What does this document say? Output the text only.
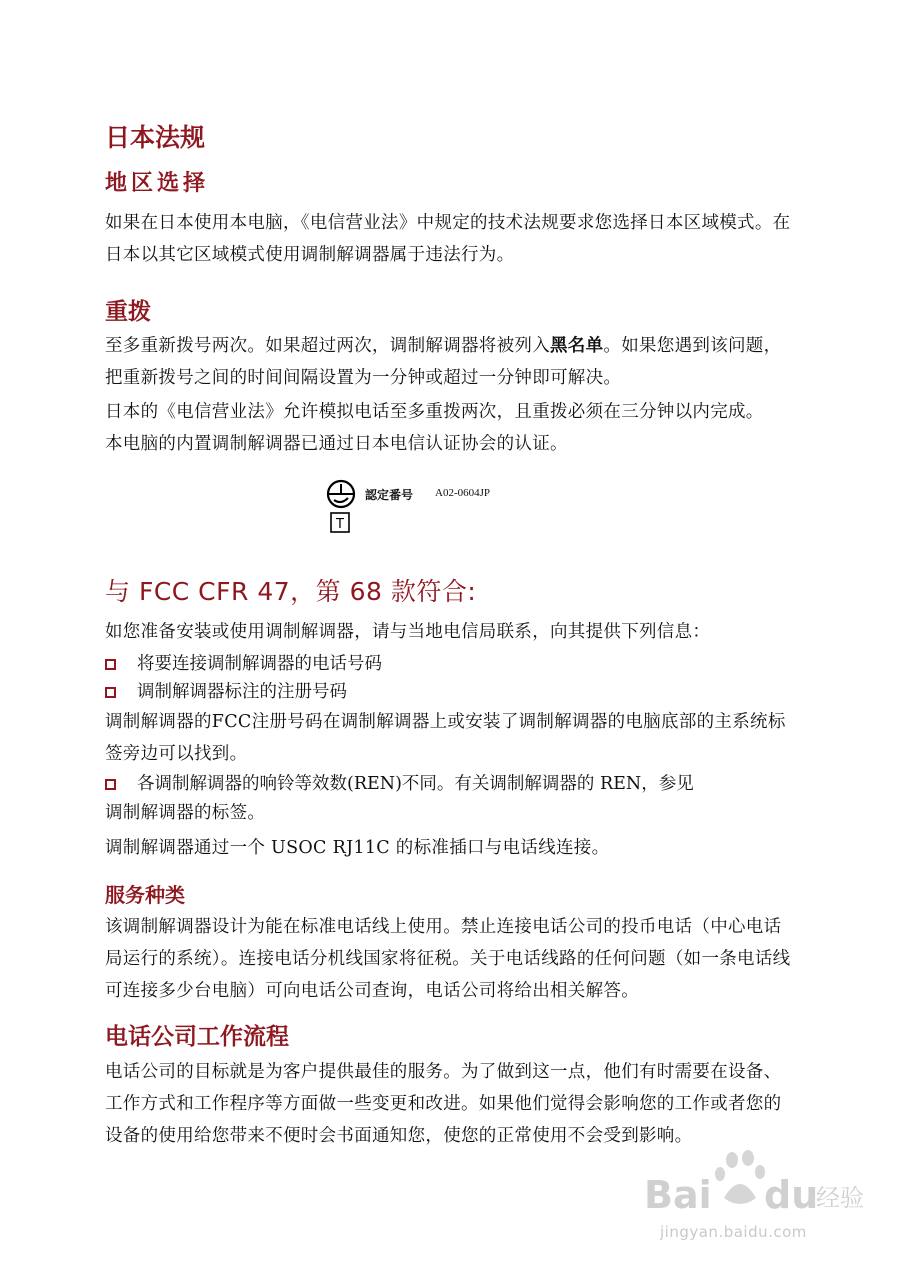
日本法规
地区选择

如果在日本使用本电脑，《电信营业法》中规定的技术法规要求您选择日本区域模式。在日本以其它区域模式使用调制解调器属于违法行为。

重拨

至多重新拨号两次。如果超过两次，调制解调器将被列入黑名单。如果您遇到该问题，把重新拨号之间的时间间隔设置为一分钟或超过一分钟即可解决。

日本的《电信营业法》允许模拟电话至多重拨两次，且重拨必须在三分钟以内完成。

本电脑的内置调制解调器已通过日本电信认证协会的认证。

T
認定番号 A02-0604JP
与 FCC CFR 47，第 68 款符合:

如您准备安装或使用调制解调器，请与当地电信局联系，向其提供下列信息：

将要连接调制解调器的电话号码
调制解调器标注的注册号码

调制解调器的FCC注册号码在调制解调器上或安装了调制解调器的电脑底部的主系统标签旁边可以找到。

各调制解调器的响铃等效数(REN)不同。有关调制解调器的 REN，参见

调制解调器的标签。

调制解调器通过一个 USOC RJ11C 的标准插口与电话线连接。

服务种类

该调制解调器设计为能在标准电话线上使用。禁止连接电话公司的投币电话（中心电话局运行的系统）。连接电话分机线国家将征税。关于电话线路的任何问题（如一条电话线可连接多少台电脑）可向电话公司查询，电话公司将给出相关解答。

电话公司工作流程

电话公司的目标就是为客户提供最佳的服务。为了做到这一点，他们有时需要在设备、工作方式和工作程序等方面做一些变更和改进。如果他们觉得会影响您的工作或者您的设备的使用给您带来不便时会书面通知您，使您的正常使用不会受到影响。

Bai du
经验
jingyan.baidu.com
